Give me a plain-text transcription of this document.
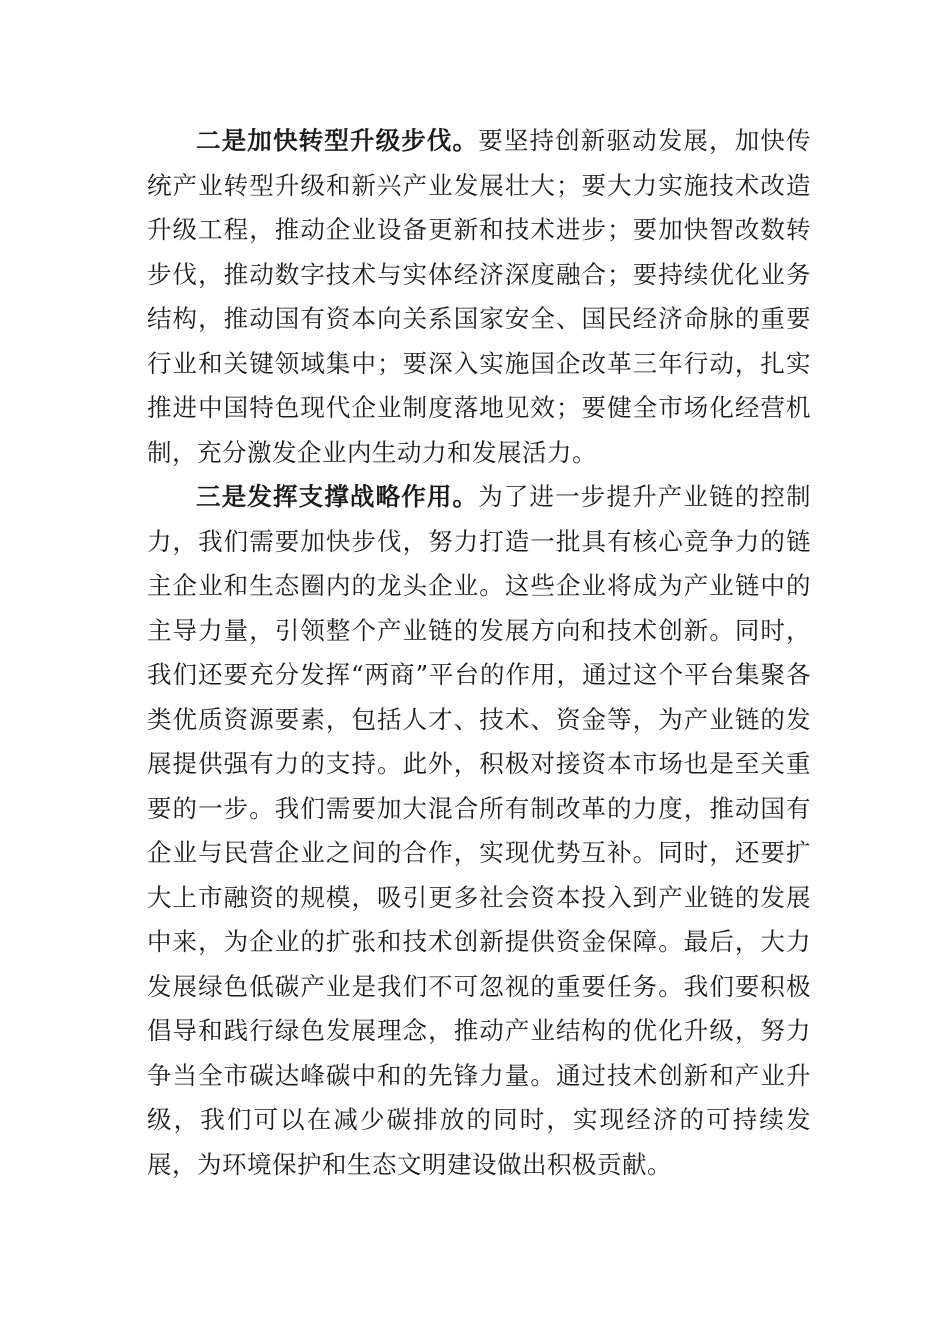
二是加快转型升级步伐。要坚持创新驱动发展，加快传统产业转型升级和新兴产业发展壮大；要大力实施技术改造升级工程，推动企业设备更新和技术进步；要加快智改数转步伐，推动数字技术与实体经济深度融合；要持续优化业务结构，推动国有资本向关系国家安全、国民经济命脉的重要行业和关键领域集中；要深入实施国企改革三年行动，扎实推进中国特色现代企业制度落地见效；要健全市场化经营机制，充分激发企业内生动力和发展活力。

三是发挥支撑战略作用。为了进一步提升产业链的控制力，我们需要加快步伐，努力打造一批具有核心竞争力的链主企业和生态圈内的龙头企业。这些企业将成为产业链中的主导力量，引领整个产业链的发展方向和技术创新。同时，我们还要充分发挥“两商”平台的作用，通过这个平台集聚各类优质资源要素，包括人才、技术、资金等，为产业链的发展提供强有力的支持。此外，积极对接资本市场也是至关重要的一步。我们需要加大混合所有制改革的力度，推动国有企业与民营企业之间的合作，实现优势互补。同时，还要扩大上市融资的规模，吸引更多社会资本投入到产业链的发展中来，为企业的扩张和技术创新提供资金保障。最后，大力发展绿色低碳产业是我们不可忽视的重要任务。我们要积极倡导和践行绿色发展理念，推动产业结构的优化升级，努力争当全市碳达峰碳中和的先锋力量。通过技术创新和产业升级，我们可以在减少碳排放的同时，实现经济的可持续发展，为环境保护和生态文明建设做出积极贡献。
